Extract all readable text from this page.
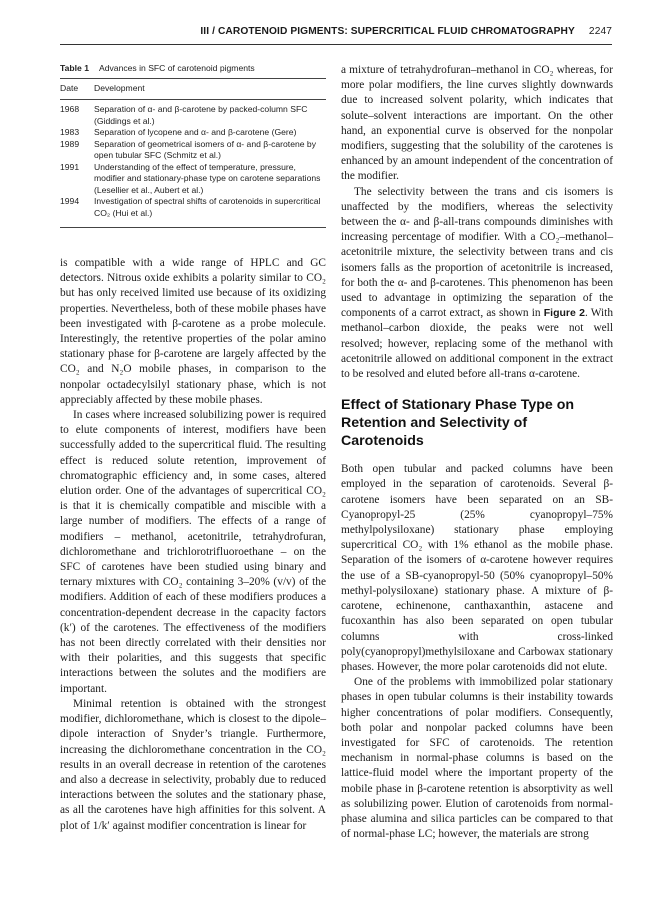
III / CAROTENOID PIGMENTS: SUPERCRITICAL FLUID CHROMATOGRAPHY 2247
Table 1 Advances in SFC of carotenoid pigments
Date	Development
1968	Separation of α- and β-carotene by packed-column SFC (Giddings et al.)
1983	Separation of lycopene and α- and β-carotene (Gere)
1989	Separation of geometrical isomers of α- and β-carotene by open tubular SFC (Schmitz et al.)
1991	Understanding of the effect of temperature, pressure, modifier and stationary-phase type on carotene separations (Lesellier et al., Aubert et al.)
1994	Investigation of spectral shifts of carotenoids in supercritical CO₂ (Hui et al.)

is compatible with a wide range of HPLC and GC detectors. Nitrous oxide exhibits a polarity similar to CO₂ but has only received limited use because of its oxidizing properties. Nevertheless, both of these mobile phases have been investigated with β-carotene as a probe molecule. Interestingly, the retentive properties of the polar amino stationary phase for β-carotene are largely affected by the CO₂ and N₂O mobile phases, in comparison to the nonpolar octadecylsilyl stationary phase, which is not appreciably affected by these mobile phases.

In cases where increased solubilizing power is required to elute components of interest, modifiers have been successfully added to the supercritical fluid. The resulting effect is reduced solute retention, improvement of chromatographic efficiency and, in some cases, altered elution order. One of the advantages of supercritical CO₂ is that it is chemically compatible and miscible with a large number of modifiers. The effects of a range of modifiers – methanol, acetonitrile, tetrahydrofuran, dichloromethane and trichlorotrifluoroethane – on the SFC of carotenes have been studied using binary and ternary mixtures with CO₂ containing 3–20% (v/v) of the modifiers. Addition of each of these modifiers produces a concentration-dependent decrease in the capacity factors (k′) of the carotenes. The effectiveness of the modifiers has not been directly correlated with their densities nor with their polarities, and this suggests that specific interactions between the solutes and the modifiers are important.

Minimal retention is obtained with the strongest modifier, dichloromethane, which is closest to the dipole–dipole interaction of Snyder’s triangle. Furthermore, increasing the dichloromethane concentration in the CO₂ results in an overall decrease in retention of the carotenes and also a decrease in selectivity, probably due to reduced interactions between the solutes and the stationary phase, as all the carotenes have high affinities for this solvent. A plot of 1/k′ against modifier concentration is linear for

a mixture of tetrahydrofuran–methanol in CO₂ whereas, for more polar modifiers, the line curves slightly downwards due to increased solvent polarity, which indicates that solute–solvent interactions are important. On the other hand, an exponential curve is observed for the nonpolar modifiers, suggesting that the solubility of the carotenes is enhanced by an amount independent of the concentration of the modifier.

The selectivity between the trans and cis isomers is unaffected by the modifiers, whereas the selectivity between the α- and β-all-trans compounds diminishes with increasing percentage of modifier. With a CO₂–methanol–acetonitrile mixture, the selectivity between trans and cis isomers falls as the proportion of acetonitrile is increased, for both the α- and β-carotenes. This phenomenon has been used to advantage in optimizing the separation of the components of a carrot extract, as shown in Figure 2. With methanol–carbon dioxide, the peaks were not well resolved; however, replacing some of the methanol with acetonitrile allowed on additional component in the extract to be resolved and eluted before all-trans α-carotene.

Effect of Stationary Phase Type on Retention and Selectivity of Carotenoids

Both open tubular and packed columns have been employed in the separation of carotenoids. Several β-carotene isomers have been separated on an SB-Cyanopropyl-25 (25% cyanopropyl–75% methylpolysiloxane) stationary phase employing supercritical CO₂ with 1% ethanol as the mobile phase. Separation of the isomers of α-carotene however requires the use of a SB-cyanopropyl-50 (50% cyanopropyl–50% methyl-polysiloxane) stationary phase. A mixture of β-carotene, echinenone, canthaxanthin, astacene and fucoxanthin has also been separated on open tubular columns with cross-linked poly(cyanopropyl)methylsiloxane and Carbowax stationary phases. However, the more polar carotenoids did not elute.

One of the problems with immobilized polar stationary phases in open tubular columns is their instability towards higher concentrations of polar modifiers. Consequently, both polar and nonpolar packed columns have been investigated for SFC of carotenoids. The retention mechanism in normal-phase columns is based on the lattice-fluid model where the important property of the mobile phase in β-carotene retention is absorptivity as well as solubilizing power. Elution of carotenoids from normal-phase alumina and silica particles can be compared to that of normal-phase LC; however, the materials are strong
